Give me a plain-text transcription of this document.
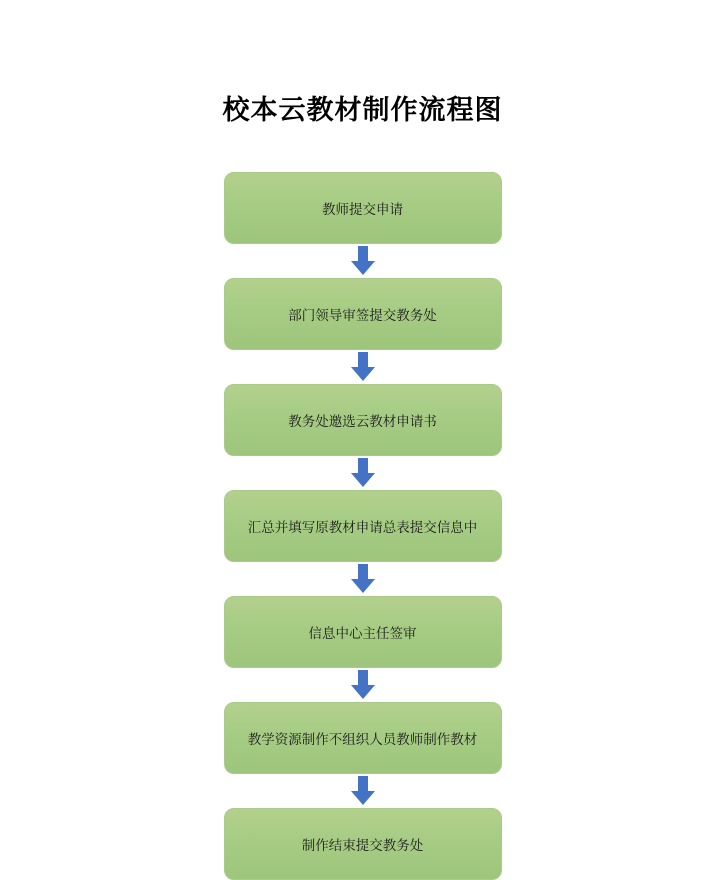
校本云教材制作流程图
教师提交申请
部门领导审签提交教务处
教务处邀选云教材申请书
汇总并填写原教材申请总表提交信息中
信息中心主任签审
教学资源制作不组织人员教师制作教材
制作结束提交教务处
